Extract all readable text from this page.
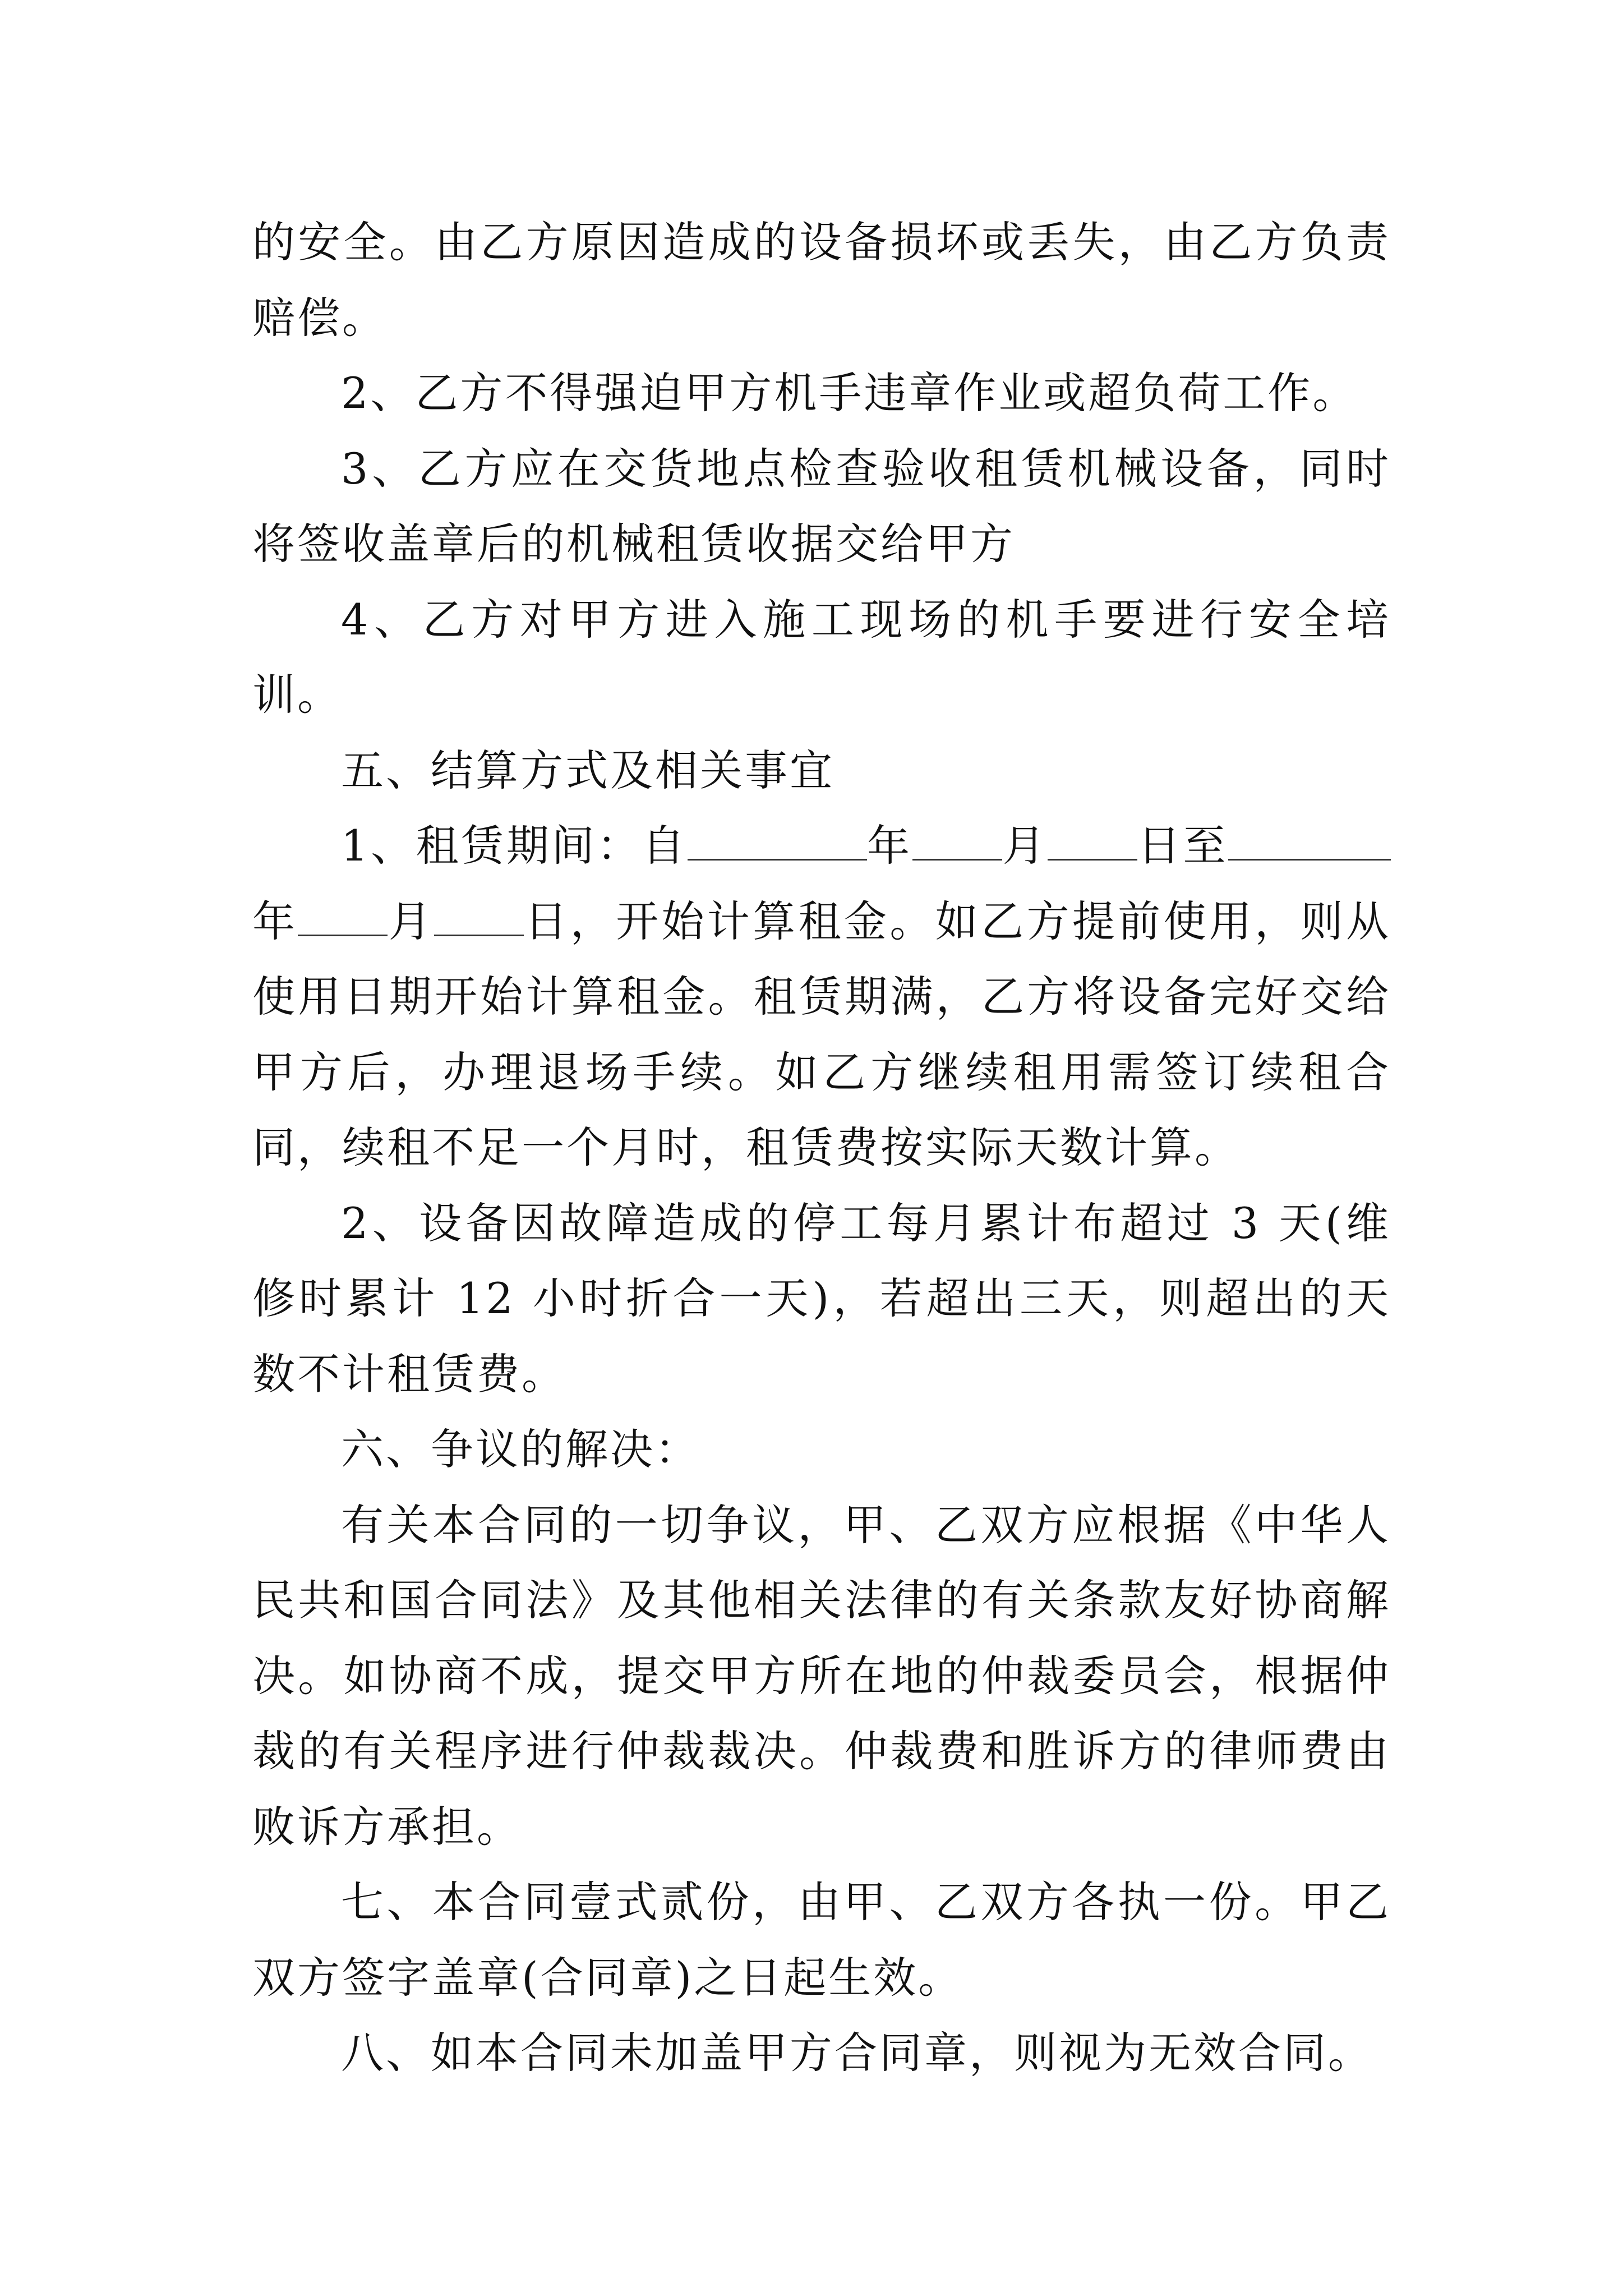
的安全。由乙方原因造成的设备损坏或丢失，由乙方负责赔偿。

2、乙方不得强迫甲方机手违章作业或超负荷工作。

3、乙方应在交货地点检查验收租赁机械设备，同时将签收盖章后的机械租赁收据交给甲方

4、乙方对甲方进入施工现场的机手要进行安全培训。

五、结算方式及相关事宜

1、租赁期间：自	年 月 日至年 月 日，开始计算租金。如乙方提前使用，则从使用日期开始计算租金。租赁期满，乙方将设备完好交给甲方后，办理退场手续。如乙方继续租用需签订续租合同，续租不足一个月时，租赁费按实际天数计算。

2、设备因故障造成的停工每月累计布超过 3 天(维修时累计 12 小时折合一天)，若超出三天，则超出的天数不计租赁费。

六、争议的解决：

有关本合同的一切争议，甲、乙双方应根据《中华人民共和国合同法》及其他相关法律的有关条款友好协商解决。如协商不成，提交甲方所在地的仲裁委员会，根据仲裁的有关程序进行仲裁裁决。仲裁费和胜诉方的律师费由败诉方承担。

七、本合同壹式贰份，由甲、乙双方各执一份。甲乙双方签字盖章(合同章)之日起生效。

八、如本合同未加盖甲方合同章，则视为无效合同。
